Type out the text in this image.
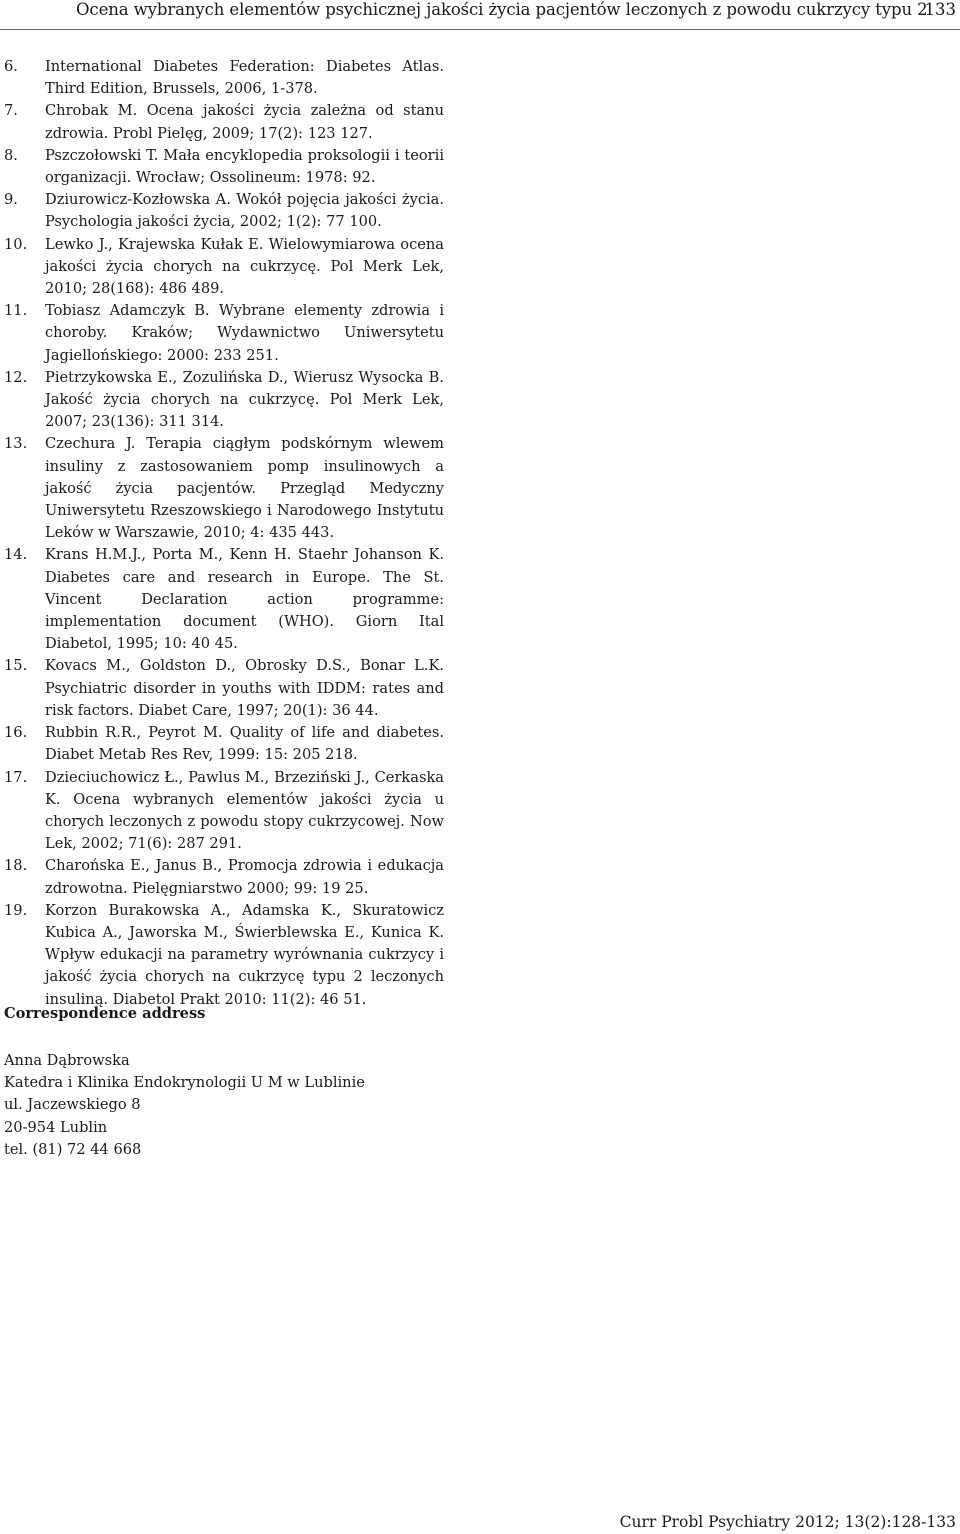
Ocena wybranych elementów psychicznej jakości życia pacjentów leczonych z powodu cukrzycy typu 2
133
6. International Diabetes Federation: Diabetes Atlas. Third Edition, Brussels, 2006, 1-378.
7. Chrobak M. Ocena jakości życia zależna od stanu zdrowia. Probl Pielęg, 2009; 17(2): 123 127.
8. Pszczołowski T. Mała encyklopedia proksologii i teorii organizacji. Wrocław; Ossolineum: 1978: 92.
9. Dziurowicz-Kozłowska A. Wokół pojęcia jakości życia. Psychologia jakości życia, 2002; 1(2): 77 100.
10. Lewko J., Krajewska Kułak E. Wielowymiarowa ocena jakości życia chorych na cukrzycę. Pol Merk Lek, 2010; 28(168): 486 489.
11. Tobiasz Adamczyk B. Wybrane elementy zdrowia i choroby. Kraków; Wydawnictwo Uniwersytetu Jagiellońskiego: 2000: 233 251.
12. Pietrzykowska E., Zozulińska D., Wierusz Wysocka B. Jakość życia chorych na cukrzycę. Pol Merk Lek, 2007; 23(136): 311 314.
13. Czechura J. Terapia ciągłym podskórnym wlewem insuliny z zastosowaniem pomp insulinowych a jakość życia pacjentów. Przegląd Medyczny Uniwersytetu Rzeszowskiego i Narodowego Instytutu Leków w Warszawie, 2010; 4: 435 443.
14. Krans H.M.J., Porta M., Kenn H. Staehr Johanson K. Diabetes care and research in Europe. The St. Vincent Declaration action programme: implementation document (WHO). Giorn Ital Diabetol, 1995; 10: 40 45.
15. Kovacs M., Goldston D., Obrosky D.S., Bonar L.K. Psychiatric disorder in youths with IDDM: rates and risk factors. Diabet Care, 1997; 20(1): 36 44.
16. Rubbin R.R., Peyrot M. Quality of life and diabetes. Diabet Metab Res Rev, 1999: 15: 205 218.
17. Dzieciuchowicz Ł., Pawlus M., Brzeziński J., Cerkaska K. Ocena wybranych elementów jakości życia u chorych leczonych z powodu stopy cukrzycowej. Now Lek, 2002; 71(6): 287 291.
18. Charońska E., Janus B., Promocja zdrowia i edukacja zdrowotna. Pielęgniarstwo 2000; 99: 19 25.
19. Korzon Burakowska A., Adamska K., Skuratowicz Kubica A., Jaworska M., Świerblewska E., Kunica K. Wpływ edukacji na parametry wyrównania cukrzycy i jakość życia chorych na cukrzycę typu 2 leczonych insuliną. Diabetol Prakt 2010: 11(2): 46 51.
Correspondence address
Anna Dąbrowska
Katedra i Klinika Endokrynologii U M w Lublinie
ul. Jaczewskiego 8
20-954 Lublin
tel. (81) 72 44 668
Curr Probl Psychiatry 2012; 13(2):128-133
